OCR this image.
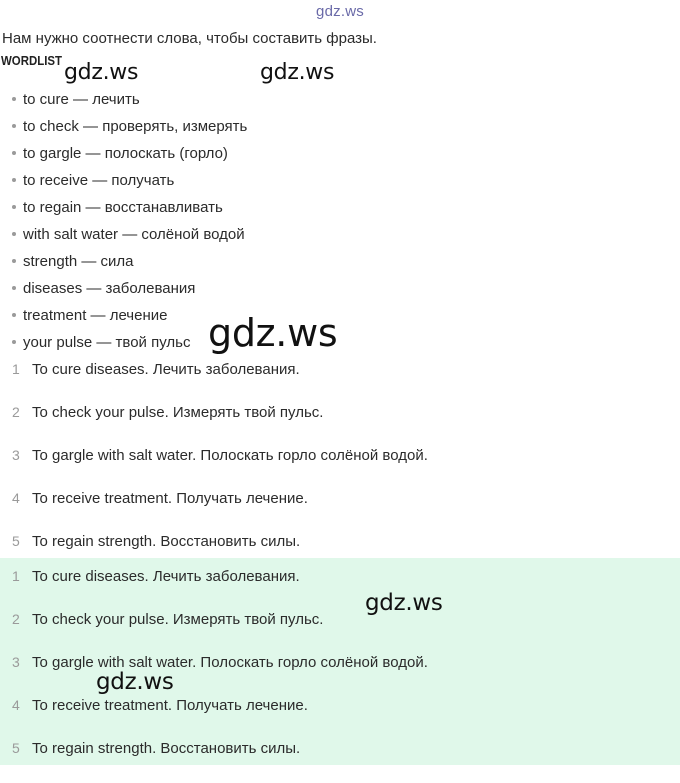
gdz.ws
Нам нужно соотнести слова, чтобы составить фразы.
WORDLIST
to cure — лечить
to check — проверять, измерять
to gargle — полоскать (горло)
to receive — получать
to regain — восстанавливать
with salt water — солёной водой
strength — сила
diseases — заболевания
treatment — лечение
your pulse — твой пульс
1 To cure diseases. Лечить заболевания.
2 To check your pulse. Измерять твой пульс.
3 To gargle with salt water. Полоскать горло солёной водой.
4 To receive treatment. Получать лечение.
5 To regain strength. Восстановить силы.
1 To cure diseases. Лечить заболевания.
2 To check your pulse. Измерять твой пульс.
3 To gargle with salt water. Полоскать горло солёной водой.
4 To receive treatment. Получать лечение.
5 To regain strength. Восстановить силы.
gdz.ws	gdz.ws
gdz.ws
gdz.ws
gdz.ws
